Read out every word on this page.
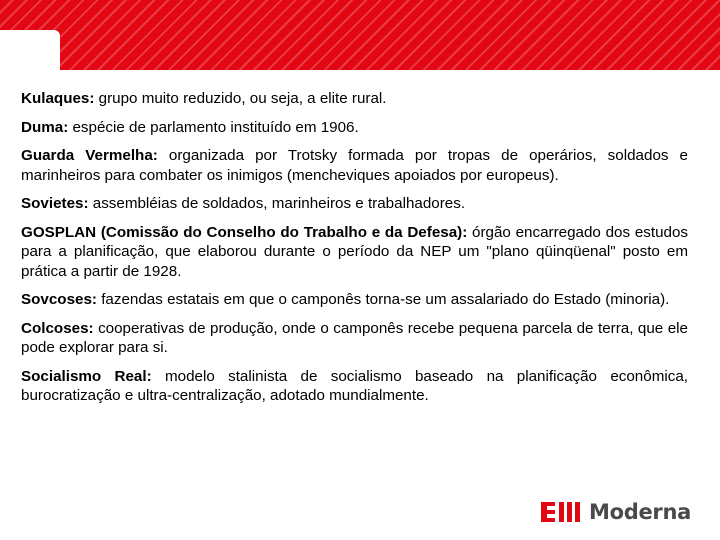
Kulaques: grupo muito reduzido, ou seja, a elite rural.

Duma: espécie de parlamento instituído em 1906.

Guarda Vermelha: organizada por Trotsky formada por tropas de operários, soldados e marinheiros para combater os inimigos (mencheviques apoiados por europeus).

Sovietes: assembléias de soldados, marinheiros e trabalhadores.

GOSPLAN (Comissão do Conselho do Trabalho e da Defesa): órgão encarregado dos estudos para a planificação, que elaborou durante o período da NEP um "plano qüinqüenal" posto em prática a partir de 1928.

Sovcoses: fazendas estatais em que o camponês torna-se um assalariado do Estado (minoria).

Colcoses: cooperativas de produção, onde o camponês recebe pequena parcela de terra, que ele pode explorar para si.

Socialismo Real: modelo stalinista de socialismo baseado na planificação econômica, burocratização e ultra-centralização, adotado mundialmente.

Moderna
